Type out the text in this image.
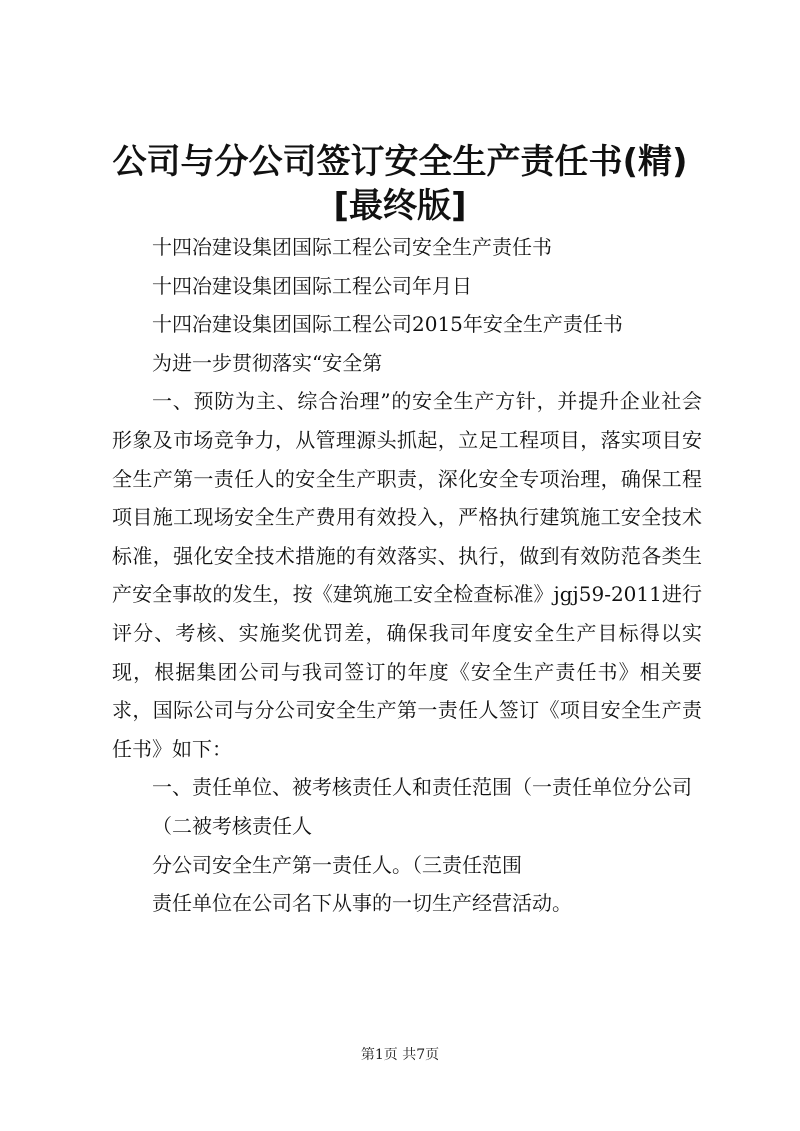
公司与分公司签订安全生产责任书(精)[最终版]

十四冶建设集团国际工程公司安全生产责任书

十四冶建设集团国际工程公司年月日

十四冶建设集团国际工程公司2015年安全生产责任书

为进一步贯彻落实“安全第

一、预防为主、综合治理”的安全生产方针，并提升企业社会形象及市场竞争力，从管理源头抓起，立足工程项目，落实项目安全生产第一责任人的安全生产职责，深化安全专项治理，确保工程项目施工现场安全生产费用有效投入，严格执行建筑施工安全技术标准，强化安全技术措施的有效落实、执行，做到有效防范各类生产安全事故的发生，按《建筑施工安全检查标准》jgj59-2011进行评分、考核、实施奖优罚差，确保我司年度安全生产目标得以实现，根据集团公司与我司签订的年度《安全生产责任书》相关要求，国际公司与分公司安全生产第一责任人签订《项目安全生产责任书》如下：

一、责任单位、被考核责任人和责任范围（一责任单位分公司

（二被考核责任人

分公司安全生产第一责任人。（三责任范围

责任单位在公司名下从事的一切生产经营活动。

第1页 共7页
